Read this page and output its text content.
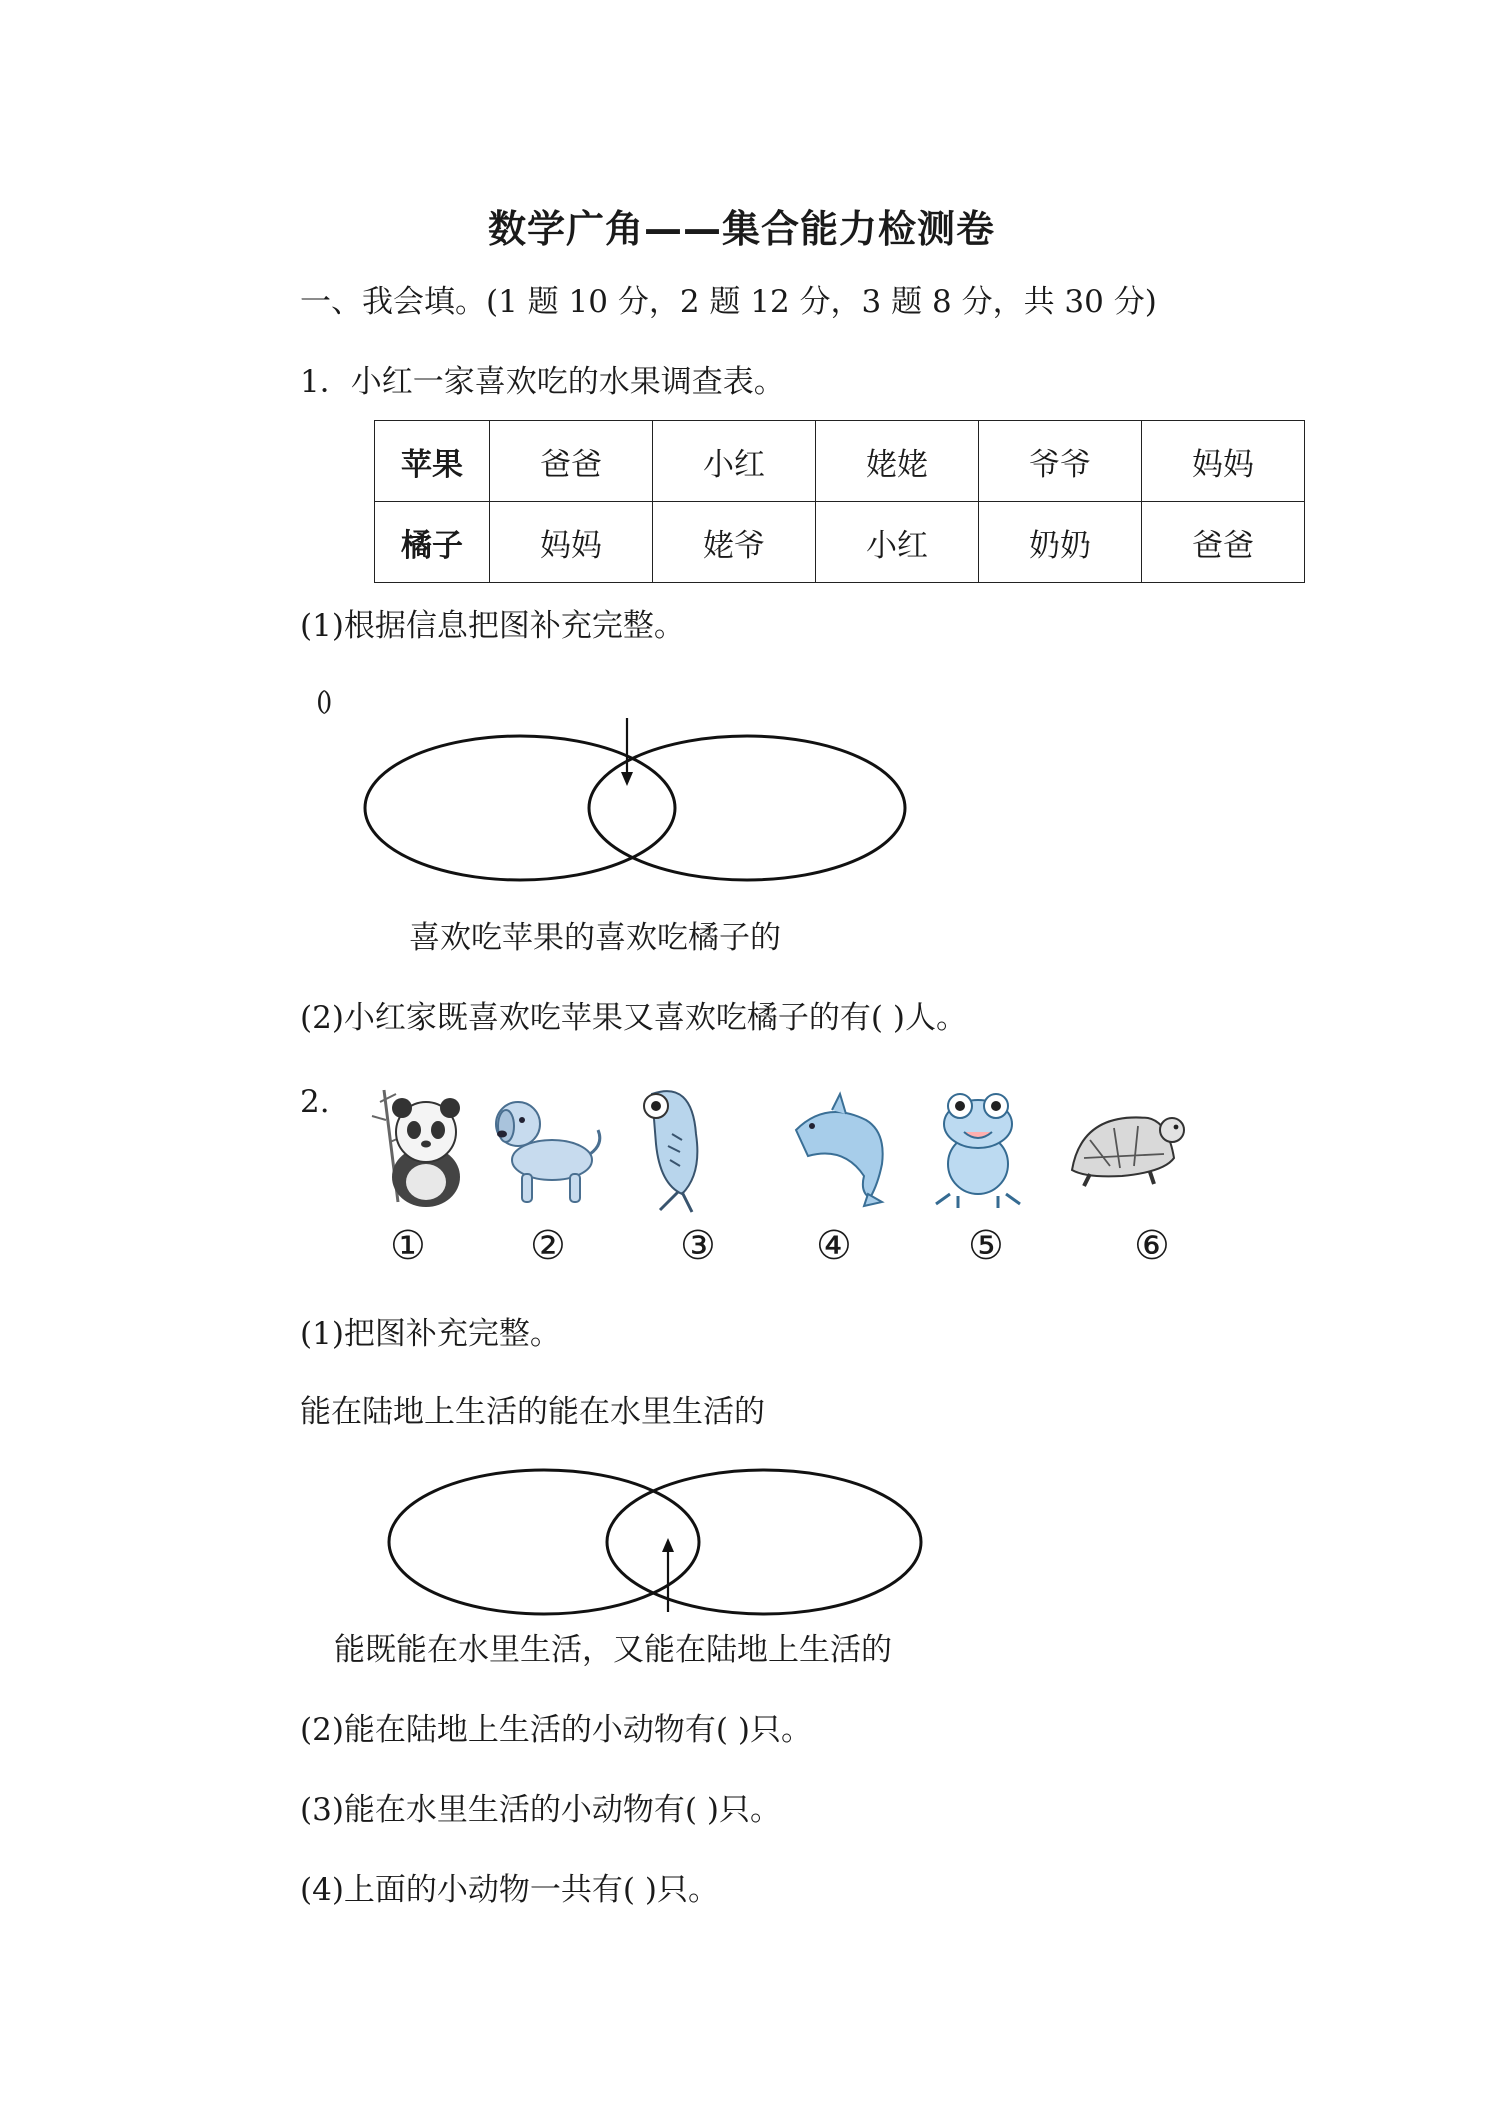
数学广角——集合能力检测卷
一、我会填。(1 题 10 分，2 题 12 分，3 题 8 分，共 30 分)
1．小红一家喜欢吃的水果调查表。
苹果	爸爸	小红	姥姥	爷爷	妈妈
橘子	妈妈	姥爷	小红	奶奶	爸爸
(1)根据信息把图补充完整。
( )
喜欢吃苹果的喜欢吃橘子的
(2)小红家既喜欢吃苹果又喜欢吃橘子的有( )人。
2.
①	②	③	④	⑤	⑥
(1)把图补充完整。
能在陆地上生活的能在水里生活的
能既能在水里生活，又能在陆地上生活的
(2)能在陆地上生活的小动物有( )只。
(3)能在水里生活的小动物有( )只。
(4)上面的小动物一共有( )只。
